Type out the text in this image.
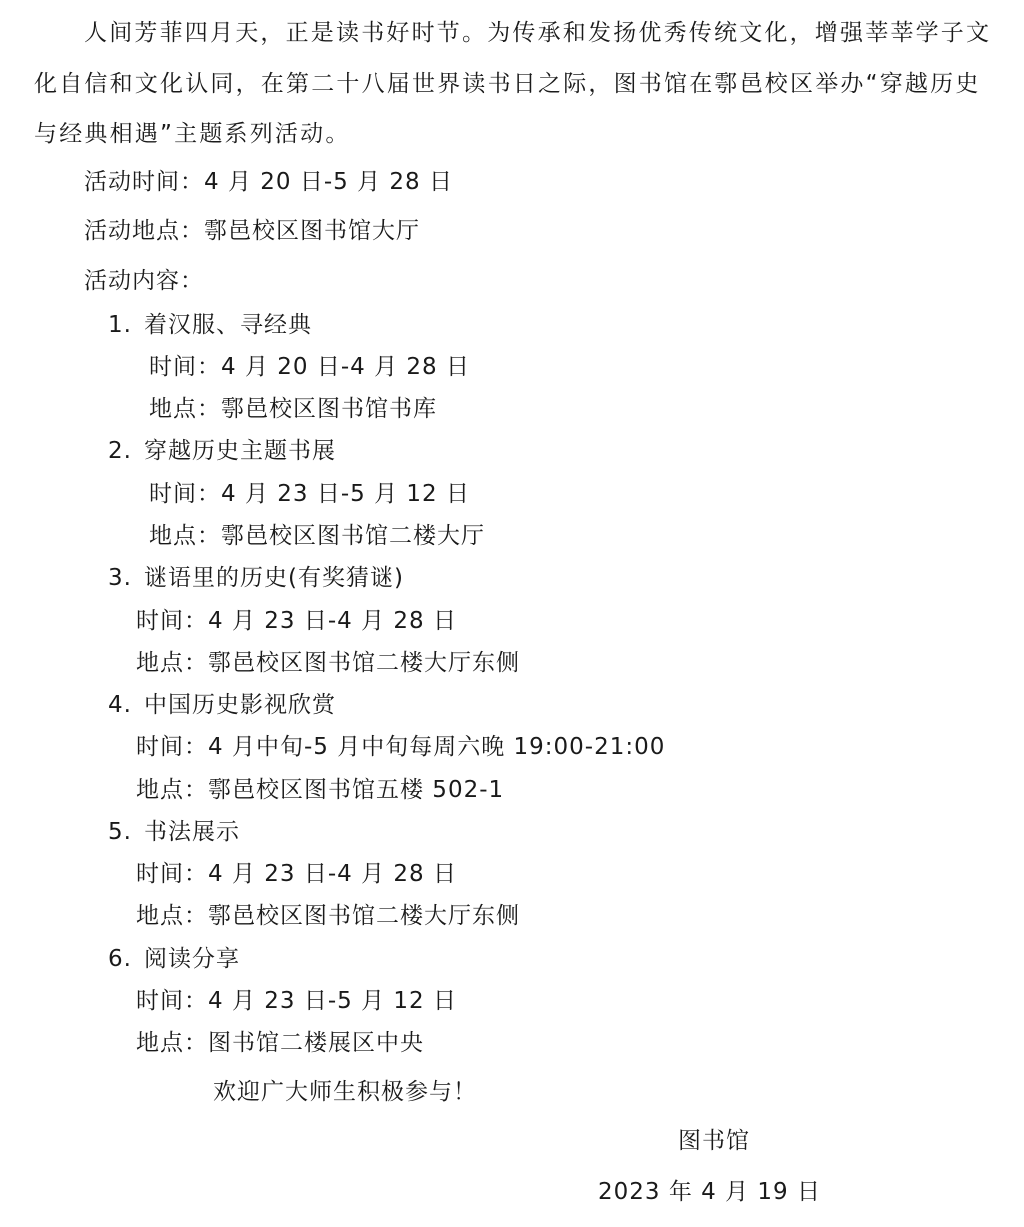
人间芳菲四月天，正是读书好时节。为传承和发扬优秀传统文化，增强莘莘学子文
化自信和文化认同，在第二十八届世界读书日之际，图书馆在鄠邑校区举办“穿越历史
与经典相遇”主题系列活动。
活动时间：4 月 20 日-5 月 28 日
活动地点：鄠邑校区图书馆大厅
活动内容：
1. 着汉服、寻经典
时间：4 月 20 日-4 月 28 日
地点：鄠邑校区图书馆书库
2. 穿越历史主题书展
时间：4 月 23 日-5 月 12 日
地点：鄠邑校区图书馆二楼大厅
3. 谜语里的历史(有奖猜谜)
时间：4 月 23 日-4 月 28 日
地点：鄠邑校区图书馆二楼大厅东侧
4. 中国历史影视欣赏
时间：4 月中旬-5 月中旬每周六晚 19:00-21:00
地点：鄠邑校区图书馆五楼 502-1
5. 书法展示
时间：4 月 23 日-4 月 28 日
地点：鄠邑校区图书馆二楼大厅东侧
6. 阅读分享
时间：4 月 23 日-5 月 12 日
地点：图书馆二楼展区中央
欢迎广大师生积极参与！
图书馆
2023 年 4 月 19 日
